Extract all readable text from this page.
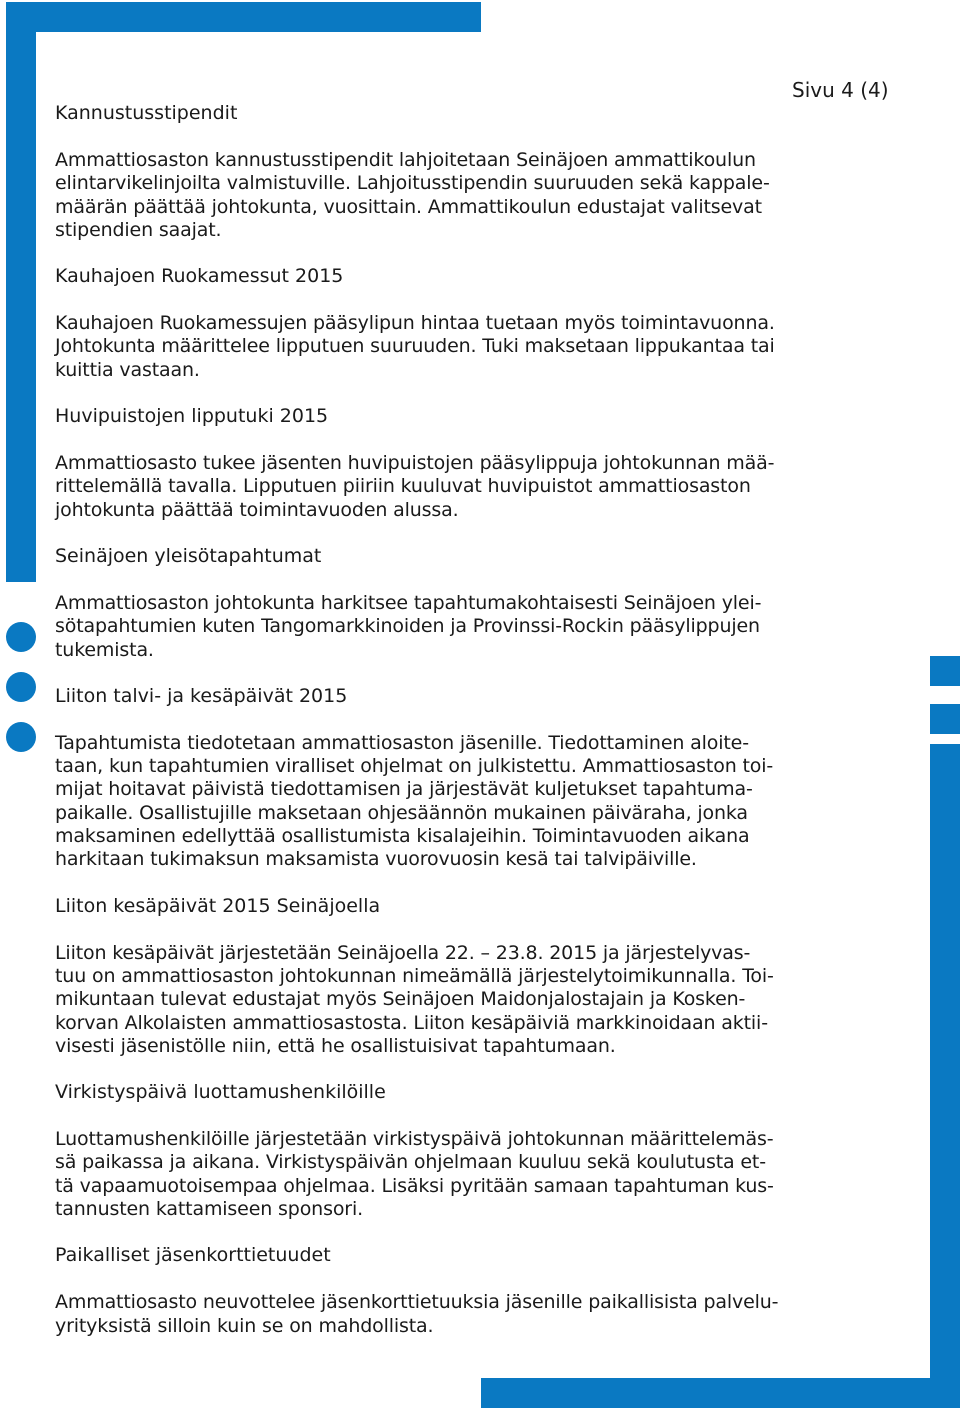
Sivu 4 (4)
Kannustusstipendit

Ammattiosaston kannustusstipendit lahjoitetaan Seinäjoen ammattikoulun
elintarvikelinjoilta valmistuville. Lahjoitusstipendin suuruuden sekä kappale-
määrän päättää johtokunta, vuosittain. Ammattikoulun edustajat valitsevat
stipendien saajat.

Kauhajoen Ruokamessut 2015

Kauhajoen Ruokamessujen pääsylipun hintaa tuetaan myös toimintavuonna.
Johtokunta määrittelee lipputuen suuruuden. Tuki maksetaan lippukantaa tai
kuittia vastaan.

Huvipuistojen lipputuki 2015

Ammattiosasto tukee jäsenten huvipuistojen pääsylippuja johtokunnan mää-
rittelemällä tavalla. Lipputuen piiriin kuuluvat huvipuistot ammattiosaston
johtokunta päättää toimintavuoden alussa.

Seinäjoen yleisötapahtumat

Ammattiosaston johtokunta harkitsee tapahtumakohtaisesti Seinäjoen ylei-
sötapahtumien kuten Tangomarkkinoiden ja Provinssi-Rockin pääsylippujen
tukemista.

Liiton talvi- ja kesäpäivät 2015

Tapahtumista tiedotetaan ammattiosaston jäsenille. Tiedottaminen aloite-
taan, kun tapahtumien viralliset ohjelmat on julkistettu. Ammattiosaston toi-
mijat hoitavat päivistä tiedottamisen ja järjestävät kuljetukset tapahtuma-
paikalle. Osallistujille maksetaan ohjesäännön mukainen päiväraha, jonka
maksaminen edellyttää osallistumista kisalajeihin. Toimintavuoden aikana
harkitaan tukimaksun maksamista vuorovuosin kesä tai talvipäiville.

Liiton kesäpäivät 2015 Seinäjoella

Liiton kesäpäivät järjestetään Seinäjoella 22. – 23.8. 2015 ja järjestelyvas-
tuu on ammattiosaston johtokunnan nimeämällä järjestelytoimikunnalla. Toi-
mikuntaan tulevat edustajat myös Seinäjoen Maidonjalostajain ja Kosken-
korvan Alkolaisten ammattiosastosta. Liiton kesäpäiviä markkinoidaan aktii-
visesti jäsenistölle niin, että he osallistuisivat tapahtumaan.

Virkistyspäivä luottamushenkilöille

Luottamushenkilöille järjestetään virkistyspäivä johtokunnan määrittelemäs-
sä paikassa ja aikana. Virkistyspäivän ohjelmaan kuuluu sekä koulutusta et-
tä vapaamuotoisempaa ohjelmaa. Lisäksi pyritään samaan tapahtuman kus-
tannusten kattamiseen sponsori.

Paikalliset jäsenkorttietuudet

Ammattiosasto neuvottelee jäsenkorttietuuksia jäsenille paikallisista palvelu-
yrityksistä silloin kuin se on mahdollista.
